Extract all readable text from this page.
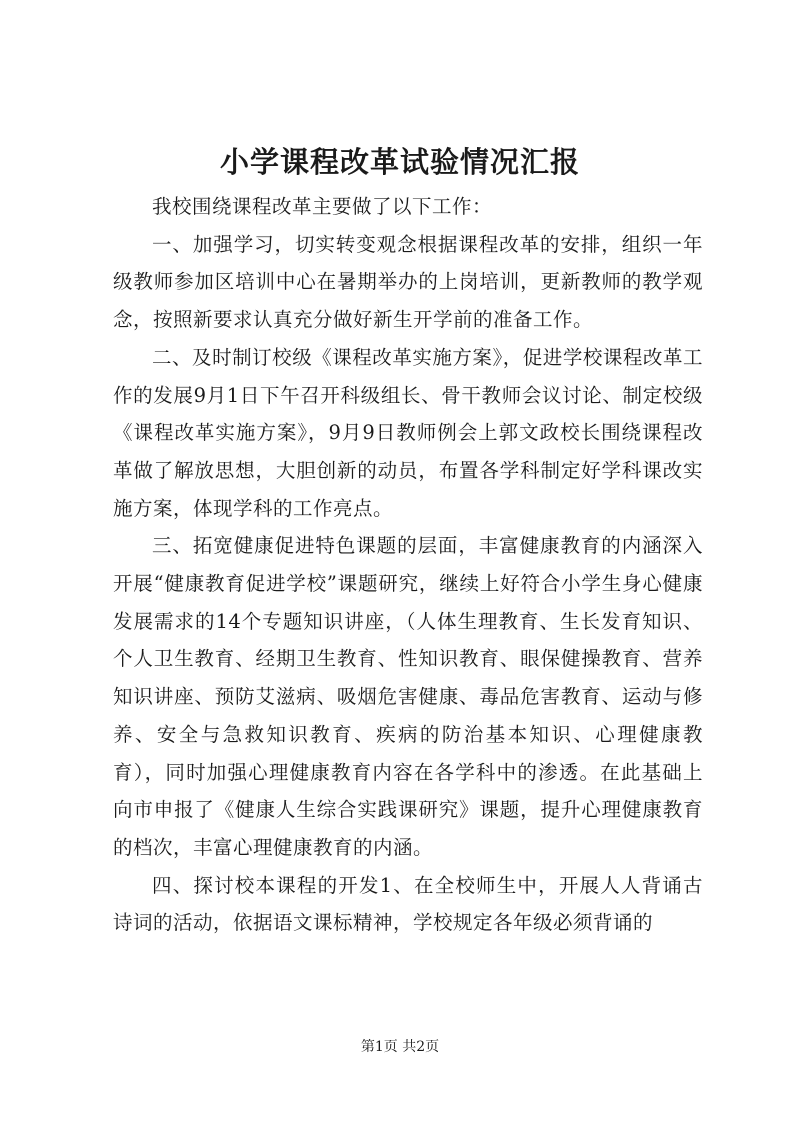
小学课程改革试验情况汇报

我校围绕课程改革主要做了以下工作：

一、加强学习，切实转变观念根据课程改革的安排，组织一年级教师参加区培训中心在暑期举办的上岗培训，更新教师的教学观念，按照新要求认真充分做好新生开学前的准备工作。

二、及时制订校级《课程改革实施方案》，促进学校课程改革工作的发展9月1日下午召开科级组长、骨干教师会议讨论、制定校级《课程改革实施方案》，9月9日教师例会上郭文政校长围绕课程改革做了解放思想，大胆创新的动员，布置各学科制定好学科课改实施方案，体现学科的工作亮点。

三、拓宽健康促进特色课题的层面，丰富健康教育的内涵深入开展“健康教育促进学校”课题研究，继续上好符合小学生身心健康发展需求的14个专题知识讲座，（人体生理教育、生长发育知识、个人卫生教育、经期卫生教育、性知识教育、眼保健操教育、营养知识讲座、预防艾滋病、吸烟危害健康、毒品危害教育、运动与修养、安全与急救知识教育、疾病的防治基本知识、心理健康教育），同时加强心理健康教育内容在各学科中的渗透。在此基础上向市申报了《健康人生综合实践课研究》课题，提升心理健康教育的档次，丰富心理健康教育的内涵。

四、探讨校本课程的开发1、在全校师生中，开展人人背诵古诗词的活动，依据语文课标精神，学校规定各年级必须背诵的

第1页 共2页
